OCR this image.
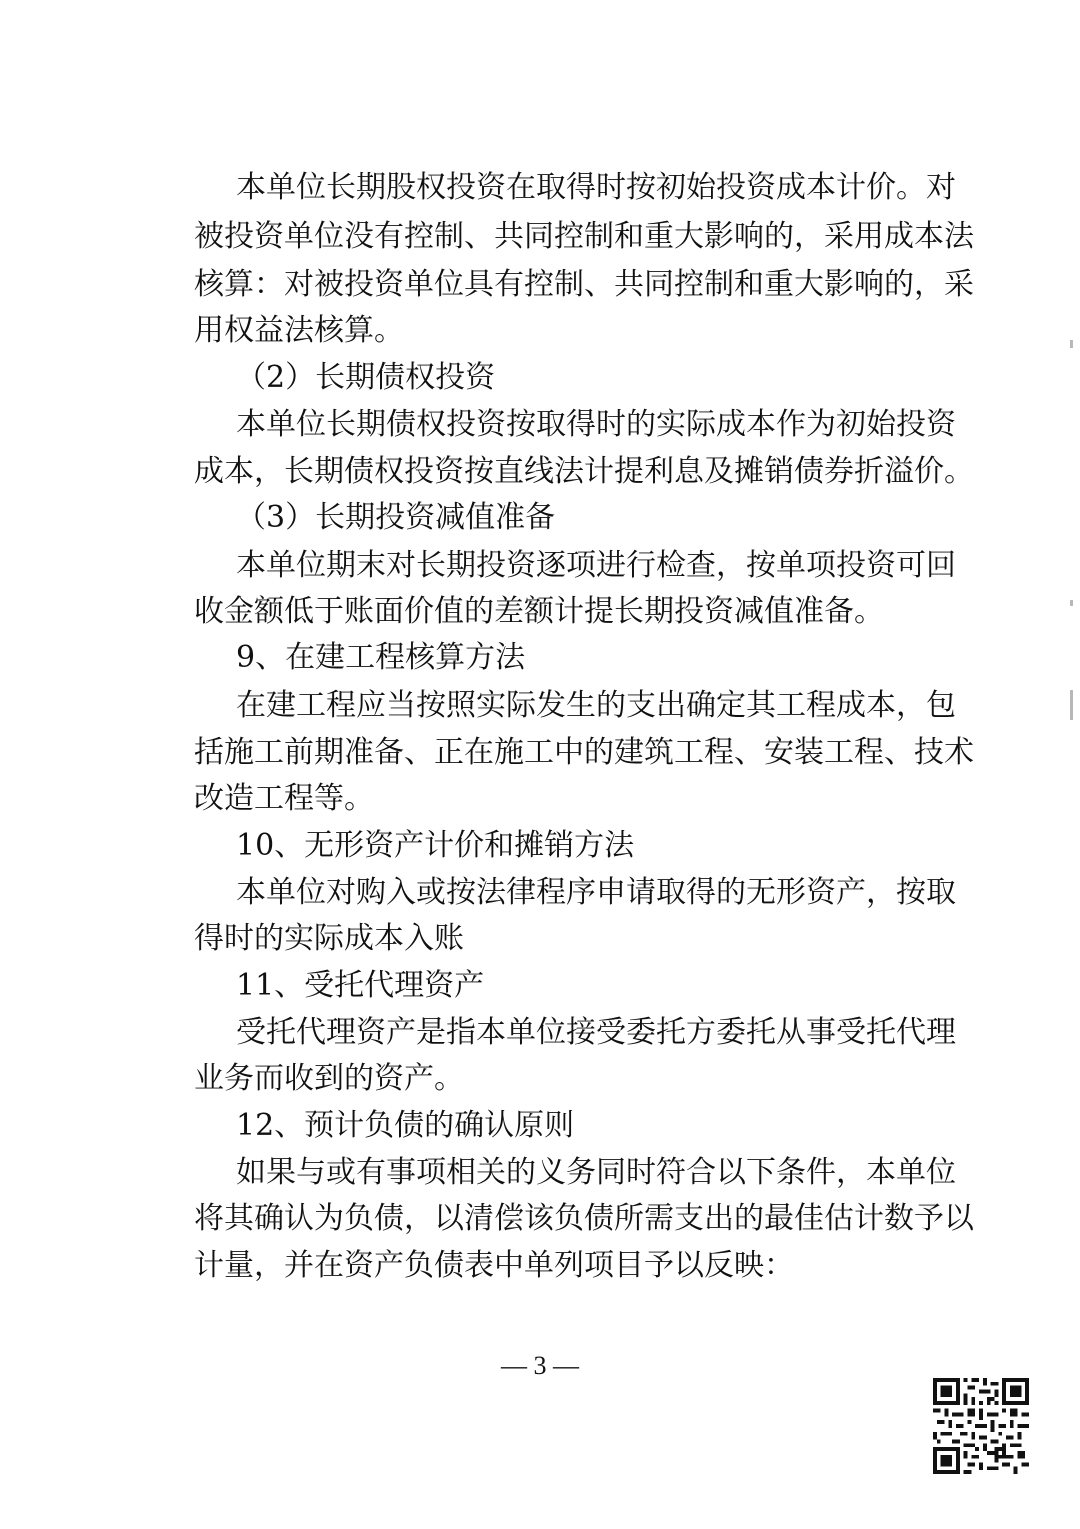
本单位长期股权投资在取得时按初始投资成本计价。对
被投资单位没有控制、共同控制和重大影响的，采用成本法
核算：对被投资单位具有控制、共同控制和重大影响的，采
用权益法核算。
（2）长期债权投资
本单位长期债权投资按取得时的实际成本作为初始投资
成本，长期债权投资按直线法计提利息及摊销债券折溢价。
（3）长期投资减值准备
本单位期末对长期投资逐项进行检查，按单项投资可回
收金额低于账面价值的差额计提长期投资减值准备。
9、在建工程核算方法
在建工程应当按照实际发生的支出确定其工程成本，包
括施工前期准备、正在施工中的建筑工程、安装工程、技术
改造工程等。
10、无形资产计价和摊销方法
本单位对购入或按法律程序申请取得的无形资产，按取
得时的实际成本入账
11、受托代理资产
受托代理资产是指本单位接受委托方委托从事受托代理
业务而收到的资产。
12、预计负债的确认原则
如果与或有事项相关的义务同时符合以下条件，本单位
将其确认为负债，以清偿该负债所需支出的最佳估计数予以
计量，并在资产负债表中单列项目予以反映：
— 3 —
